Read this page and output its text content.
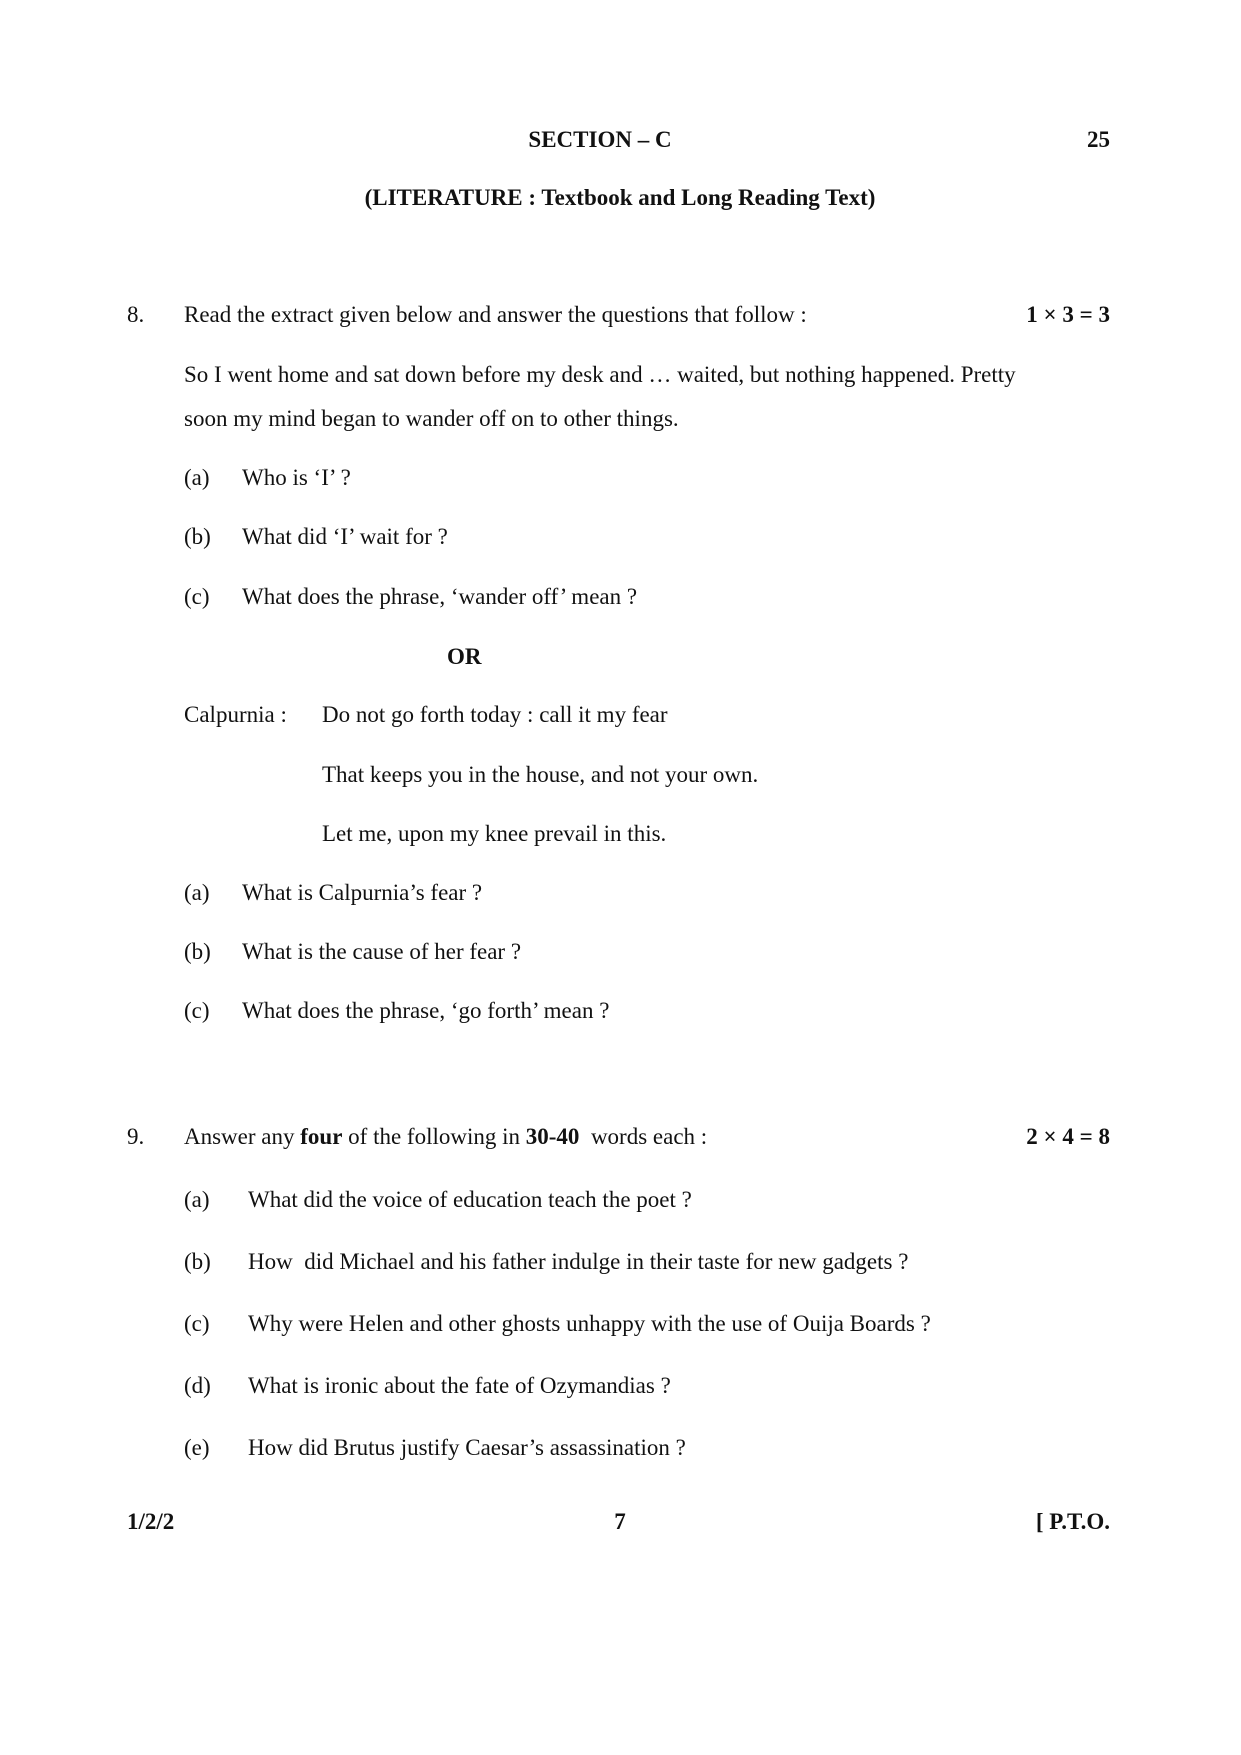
SECTION – C	25
(LITERATURE : Textbook and Long Reading Text)
8. Read the extract given below and answer the questions that follow :	1 × 3 = 3
So I went home and sat down before my desk and … waited, but nothing happened. Pretty
soon my mind began to wander off on to other things.
(a) Who is ‘I’ ?
(b) What did ‘I’ wait for ?
(c) What does the phrase, ‘wander off’ mean ?
OR
Calpurnia : Do not go forth today : call it my fear
That keeps you in the house, and not your own.
Let me, upon my knee prevail in this.
(a) What is Calpurnia’s fear ?
(b) What is the cause of her fear ?
(c) What does the phrase, ‘go forth’ mean ?
9. Answer any four of the following in 30-40  words each :	2 × 4 = 8
(a) What did the voice of education teach the poet ?
(b) How  did Michael and his father indulge in their taste for new gadgets ?
(c) Why were Helen and other ghosts unhappy with the use of Ouija Boards ?
(d) What is ironic about the fate of Ozymandias ?
(e) How did Brutus justify Caesar’s assassination ?
1/2/2	7	[ P.T.O.
